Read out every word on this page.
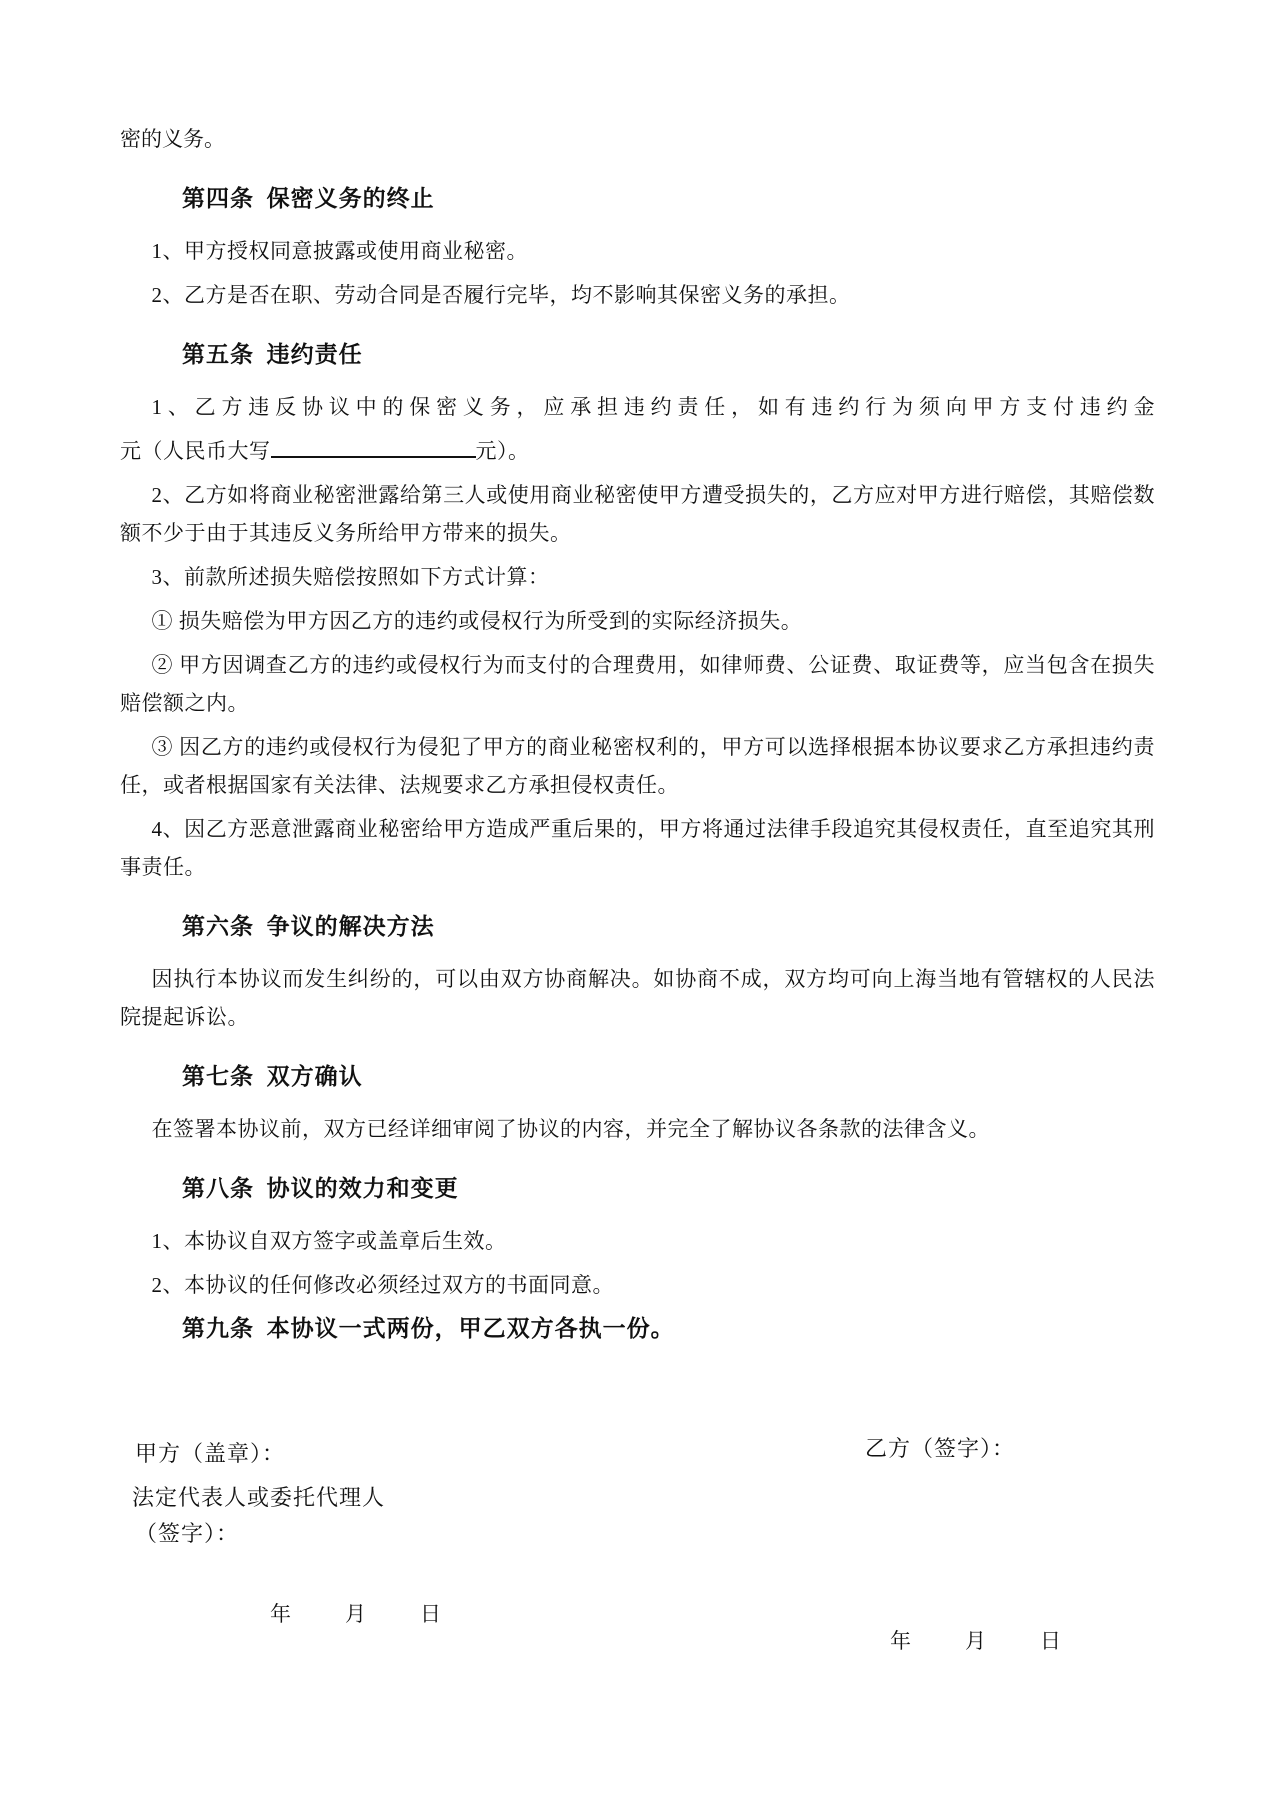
密的义务。

第四条 保密义务的终止

1、甲方授权同意披露或使用商业秘密。

2、乙方是否在职、劳动合同是否履行完毕，均不影响其保密义务的承担。

第五条 违约责任

1、乙方违反协议中的保密义务，应承担违约责任，如有违约行为须向甲方支付违约金

元（人民币大写	元）。

2、乙方如将商业秘密泄露给第三人或使用商业秘密使甲方遭受损失的，乙方应对甲方进行赔偿，其赔偿数额不少于由于其违反义务所给甲方带来的损失。

3、前款所述损失赔偿按照如下方式计算：

① 损失赔偿为甲方因乙方的违约或侵权行为所受到的实际经济损失。

② 甲方因调查乙方的违约或侵权行为而支付的合理费用，如律师费、公证费、取证费等，应当包含在损失赔偿额之内。

③ 因乙方的违约或侵权行为侵犯了甲方的商业秘密权利的，甲方可以选择根据本协议要求乙方承担违约责任，或者根据国家有关法律、法规要求乙方承担侵权责任。

4、因乙方恶意泄露商业秘密给甲方造成严重后果的，甲方将通过法律手段追究其侵权责任，直至追究其刑事责任。

第六条 争议的解决方法

因执行本协议而发生纠纷的，可以由双方协商解决。如协商不成，双方均可向上海当地有管辖权的人民法院提起诉讼。

第七条 双方确认

在签署本协议前，双方已经详细审阅了协议的内容，并完全了解协议各条款的法律含义。

第八条 协议的效力和变更

1、本协议自双方签字或盖章后生效。

2、本协议的任何修改必须经过双方的书面同意。

第九条 本协议一式两份，甲乙双方各执一份。
甲方（盖章）：	乙方（签字）：
法定代表人或委托代理人
（签字）：
年	月	日
年	月	日
